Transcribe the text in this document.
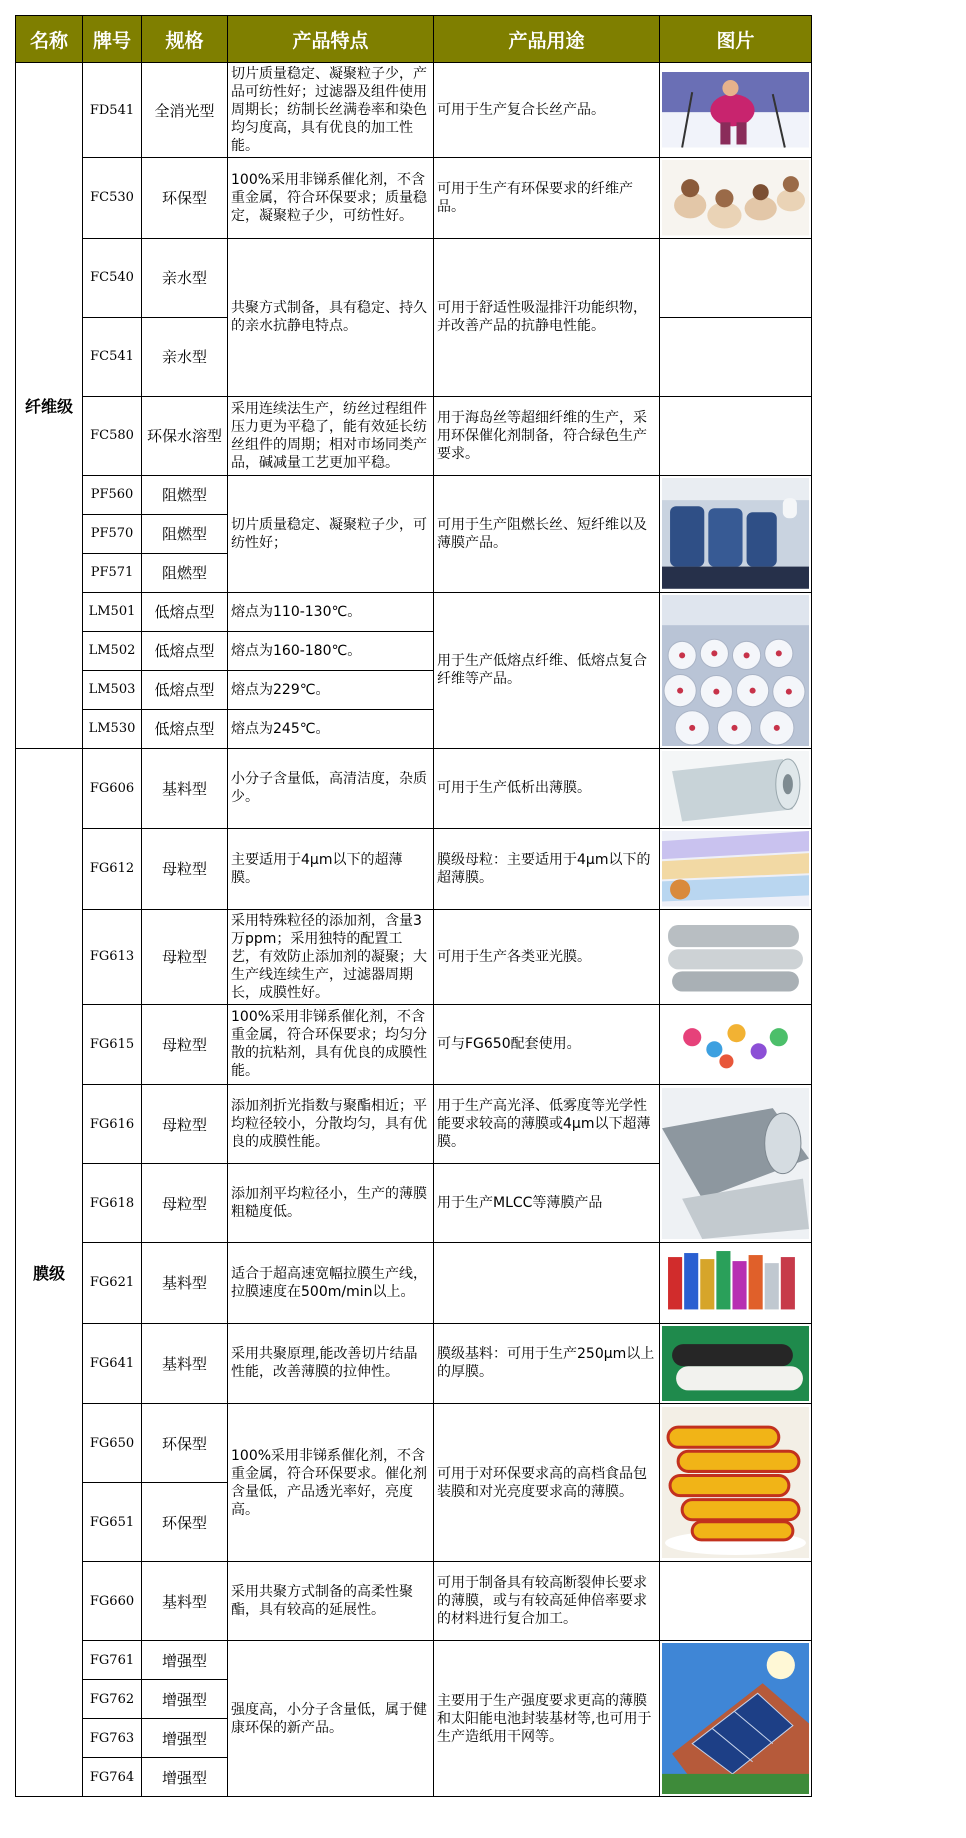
名称	牌号	规格	产品特点	产品用途	图片
纤维级	FD541	全消光型	切片质量稳定、凝聚粒子少，产品可纺性好；过滤器及组件使用周期长；纺制长丝满卷率和染色均匀度高，具有优良的加工性能。	可用于生产复合长丝产品。	

	FC530	环保型	100%采用非锑系催化剂，不含重金属，符合环保要求；质量稳定，凝聚粒子少，可纺性好。	可用于生产有环保要求的纤维产品。	

	FC540	亲水型	共聚方式制备，具有稳定、持久的亲水抗静电特点。	可用于舒适性吸湿排汗功能织物，并改善产品的抗静电性能。	
	FC541	亲水型			
	FC580	环保水溶型	采用连续法生产，纺丝过程组件压力更为平稳了，能有效延长纺丝组件的周期；相对市场同类产品，碱减量工艺更加平稳。	用于海岛丝等超细纤维的生产，采用环保催化剂制备，符合绿色生产要求。	
	PF560	阻燃型	切片质量稳定、凝聚粒子少，可纺性好；	可用于生产阻燃长丝、短纤维以及薄膜产品。	

	PF570	阻燃型			
	PF571	阻燃型			
	LM501	低熔点型	熔点为110-130℃。	用于生产低熔点纤维、低熔点复合纤维等产品。	

	LM502	低熔点型	熔点为160-180℃。		
	LM503	低熔点型	熔点为229℃。		
	LM530	低熔点型	熔点为245℃。		
膜级	FG606	基料型	小分子含量低，高清洁度，杂质少。	可用于生产低析出薄膜。	

	FG612	母粒型	主要适用于4μm以下的超薄膜。	膜级母粒：主要适用于4μm以下的超薄膜。	

	FG613	母粒型	采用特殊粒径的添加剂，含量3万ppm；采用独特的配置工艺，有效防止添加剂的凝聚；大生产线连续生产，过滤器周期长，成膜性好。	可用于生产各类亚光膜。	

	FG615	母粒型	100%采用非锑系催化剂，不含重金属，符合环保要求；均匀分散的抗粘剂，具有优良的成膜性能。	可与FG650配套使用。	

	FG616	母粒型	添加剂折光指数与聚酯相近；平均粒径较小，分散均匀，具有优良的成膜性能。	用于生产高光泽、低雾度等光学性能要求较高的薄膜或4μm以下超薄膜。	

	FG618	母粒型	添加剂平均粒径小，生产的薄膜粗糙度低。	用于生产MLCC等薄膜产品	
	FG621	基料型	适合于超高速宽幅拉膜生产线，拉膜速度在500m/min以上。		

	FG641	基料型	采用共聚原理,能改善切片结晶性能，改善薄膜的拉伸性。	膜级基料：可用于生产250μm以上的厚膜。	

	FG650	环保型	100%采用非锑系催化剂，不含重金属，符合环保要求。催化剂含量低，产品透光率好，亮度高。	可用于对环保要求高的高档食品包装膜和对光亮度要求高的薄膜。	

	FG651	环保型			
	FG660	基料型	采用共聚方式制备的高柔性聚酯，具有较高的延展性。	可用于制备具有较高断裂伸长要求的薄膜，或与有较高延伸倍率要求的材料进行复合加工。	
	FG761	增强型	强度高，小分子含量低，属于健康环保的新产品。	主要用于生产强度要求更高的薄膜和太阳能电池封装基材等,也可用于生产造纸用干网等。	

	FG762	增强型			
	FG763	增强型			
	FG764	增强型			
